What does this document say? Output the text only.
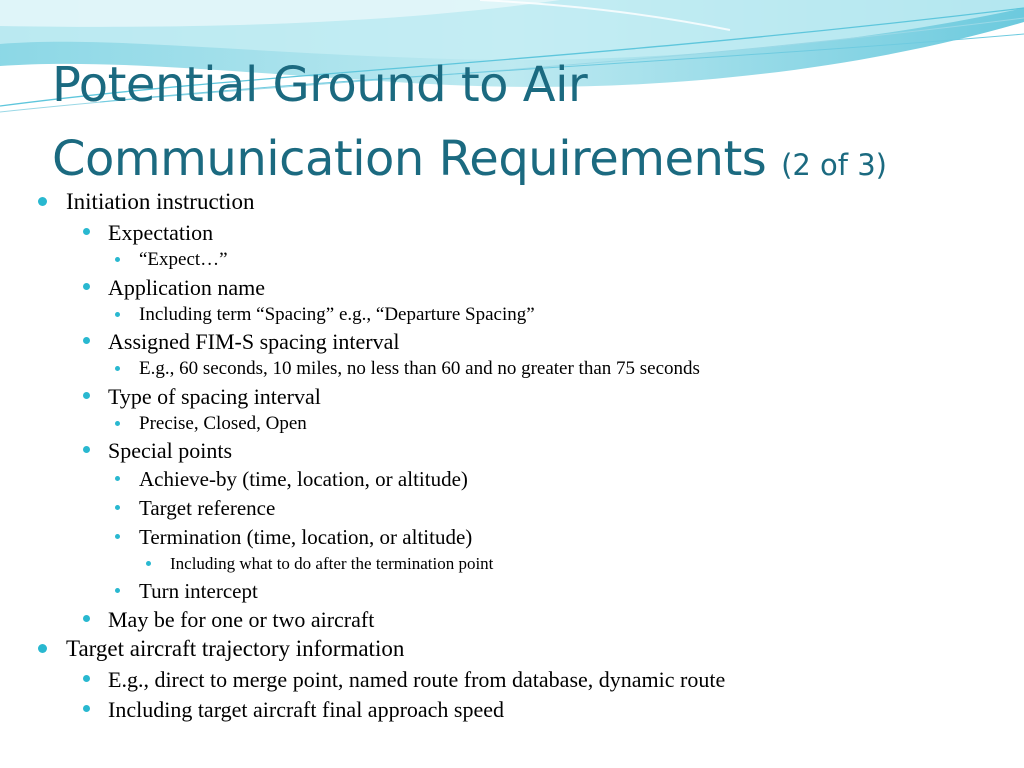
Potential Ground to Air
Communication Requirements (2 of 3)
Initiation instruction
Expectation
“Expect…”
Application name
Including term “Spacing” e.g., “Departure Spacing”
Assigned FIM-S spacing interval
E.g., 60 seconds, 10 miles, no less than 60 and no greater than 75 seconds
Type of spacing interval
Precise, Closed, Open
Special points
Achieve-by (time, location, or altitude)
Target reference
Termination (time, location, or altitude)
Including what to do after the termination point
Turn intercept
May be for one or two aircraft
Target aircraft trajectory information
E.g., direct to merge point, named route from database, dynamic route
Including target aircraft final approach speed
